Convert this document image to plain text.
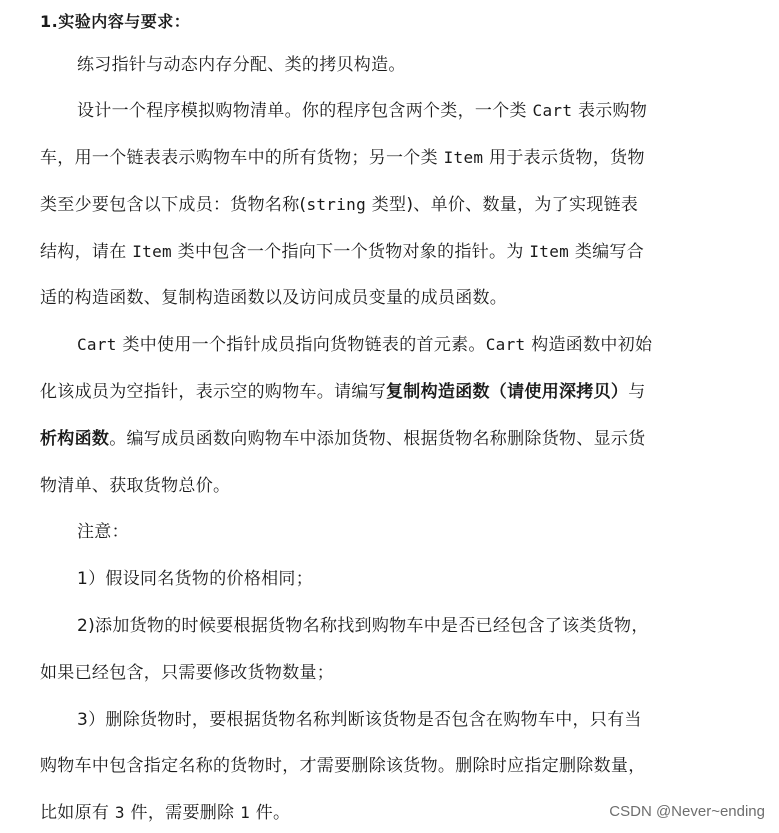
1.实验内容与要求：
练习指针与动态内存分配、类的拷贝构造。
设计一个程序模拟购物清单。你的程序包含两个类，一个类 Cart 表示购物
车，用一个链表表示购物车中的所有货物；另一个类 Item 用于表示货物，货物
类至少要包含以下成员：货物名称(string 类型)、单价、数量，为了实现链表
结构，请在 Item 类中包含一个指向下一个货物对象的指针。为 Item 类编写合
适的构造函数、复制构造函数以及访问成员变量的成员函数。
Cart 类中使用一个指针成员指向货物链表的首元素。Cart 构造函数中初始
化该成员为空指针，表示空的购物车。请编写复制构造函数（请使用深拷贝）与
析构函数。编写成员函数向购物车中添加货物、根据货物名称删除货物、显示货
物清单、获取货物总价。
注意：
1）假设同名货物的价格相同；
2)添加货物的时候要根据货物名称找到购物车中是否已经包含了该类货物，
如果已经包含，只需要修改货物数量；
3）删除货物时，要根据货物名称判断该货物是否包含在购物车中，只有当
购物车中包含指定名称的货物时，才需要删除该货物。删除时应指定删除数量，
比如原有 3 件，需要删除 1 件。	CSDN @Never~ending
